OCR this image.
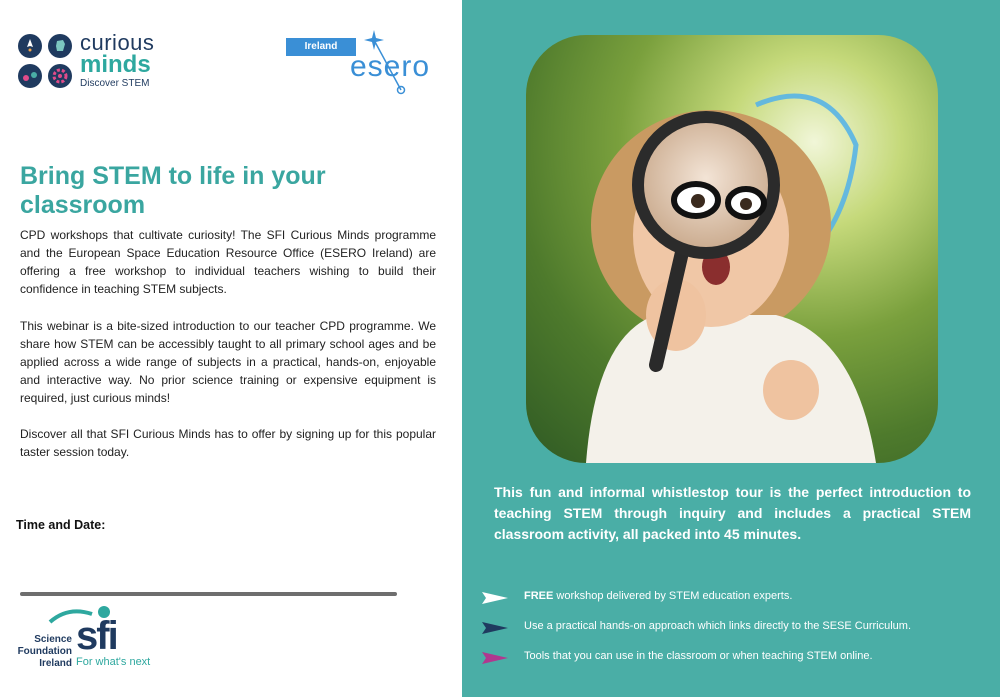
curious
minds
Discover STEM
Ireland
esero
Bring STEM to life in your classroom

CPD workshops that cultivate curiosity! The SFI Curious Minds programme and the European Space Education Resource Office (ESERO Ireland) are offering a free workshop to individual teachers wishing to build their confidence in teaching STEM subjects.

This webinar is a bite-sized introduction to our teacher CPD programme. We share how STEM can be accessibly taught to all primary school ages and be applied across a wide range of subjects in a practical, hands-on, enjoyable and interactive way. No prior science training or expensive equipment is required, just curious minds!

Discover all that SFI Curious Minds has to offer by signing up for this popular taster session today.

Time and Date:
Science
Foundation
Ireland
sfi
For what's next

This fun and informal whistlestop tour is the perfect introduction to teaching STEM through inquiry and includes a practical STEM classroom activity, all packed into 45 minutes.

FREE workshop delivered by STEM education experts.
Use a practical hands-on approach which links directly to the SESE Curriculum.
Tools that you can use in the classroom or when teaching STEM online.
